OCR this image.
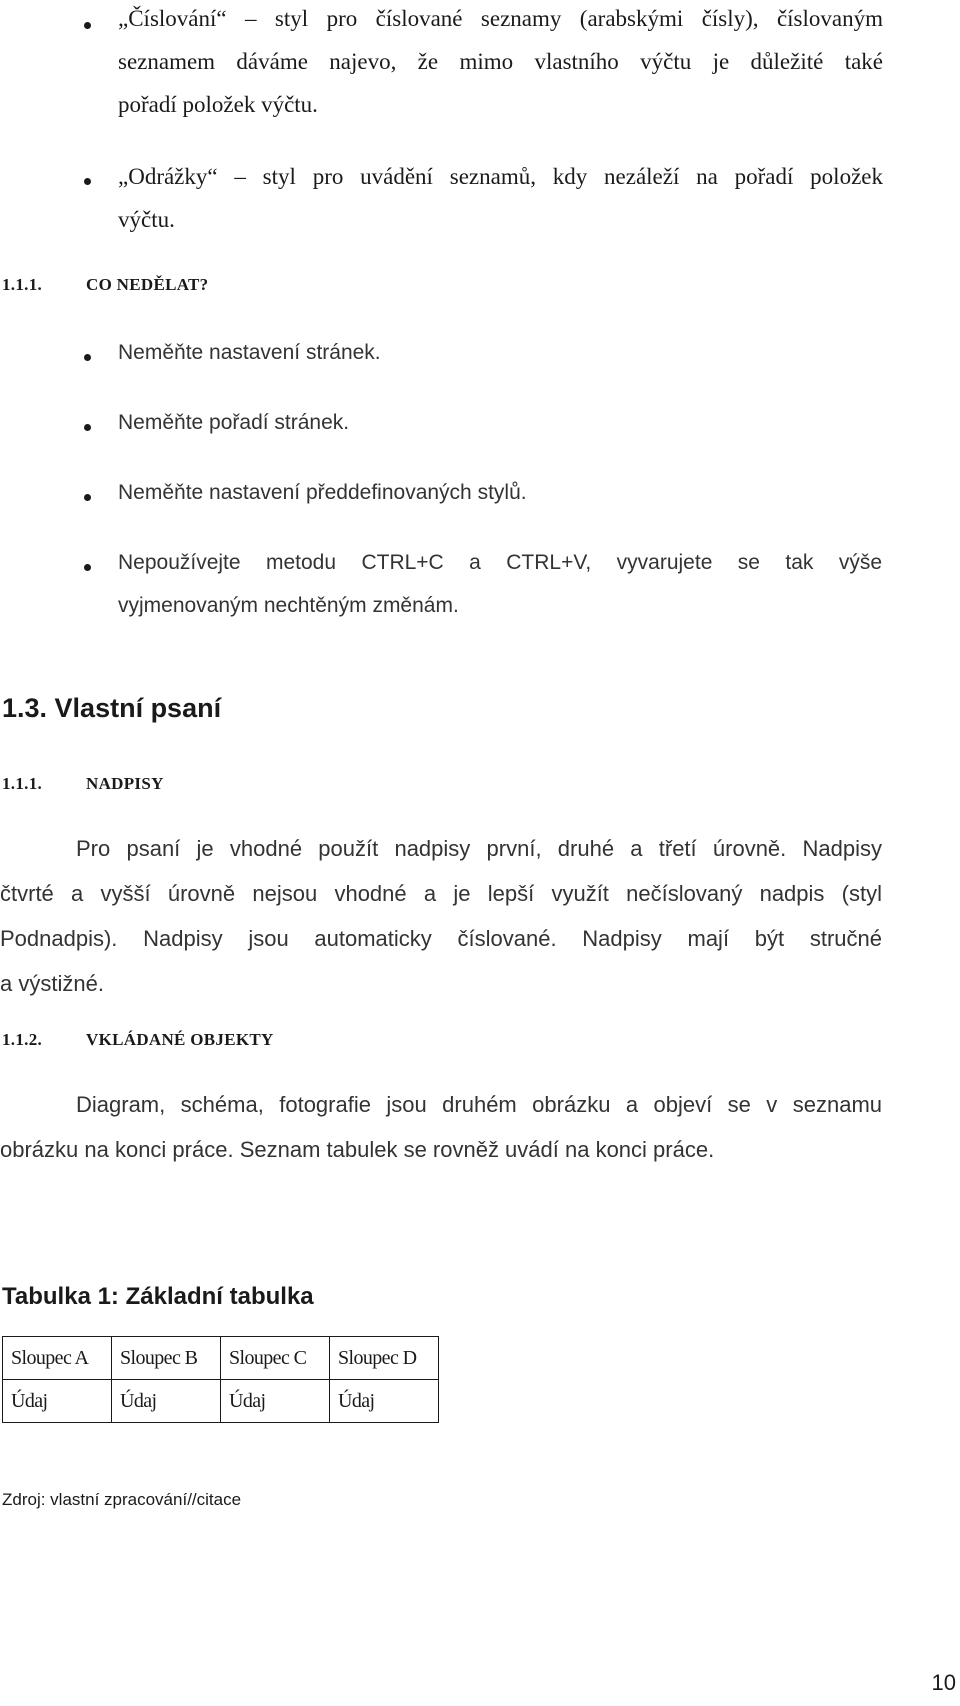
„Číslování“ – styl pro číslované seznamy (arabskými čísly), číslovaným
seznamem dáváme najevo, že mimo vlastního výčtu je důležité také
pořadí položek výčtu.
„Odrážky“ – styl pro uvádění seznamů, kdy nezáleží na pořadí položek
výčtu.
1.1.1.	CO NEDĚLAT?
Neměňte nastavení stránek.
Neměňte pořadí stránek.
Neměňte nastavení předdefinovaných stylů.
Nepoužívejte metodu CTRL+C a CTRL+V, vyvarujete se tak výše
vyjmenovaným nechtěným změnám.
1.3. Vlastní psaní
1.1.1.	NADPISY
Pro psaní je vhodné použít nadpisy první, druhé a třetí úrovně. Nadpisy
čtvrté a vyšší úrovně nejsou vhodné a je lepší využít nečíslovaný nadpis (styl
Podnadpis). Nadpisy jsou automaticky číslované. Nadpisy mají být stručné
a výstižné.
1.1.2.	VKLÁDANÉ OBJEKTY
Diagram, schéma, fotografie jsou druhém obrázku a objeví se v seznamu
obrázku na konci práce. Seznam tabulek se rovněž uvádí na konci práce.
Tabulka 1: Základní tabulka
Sloupec A	Sloupec B	Sloupec C	Sloupec D
Údaj	Údaj	Údaj	Údaj
Zdroj: vlastní zpracování//citace
10
